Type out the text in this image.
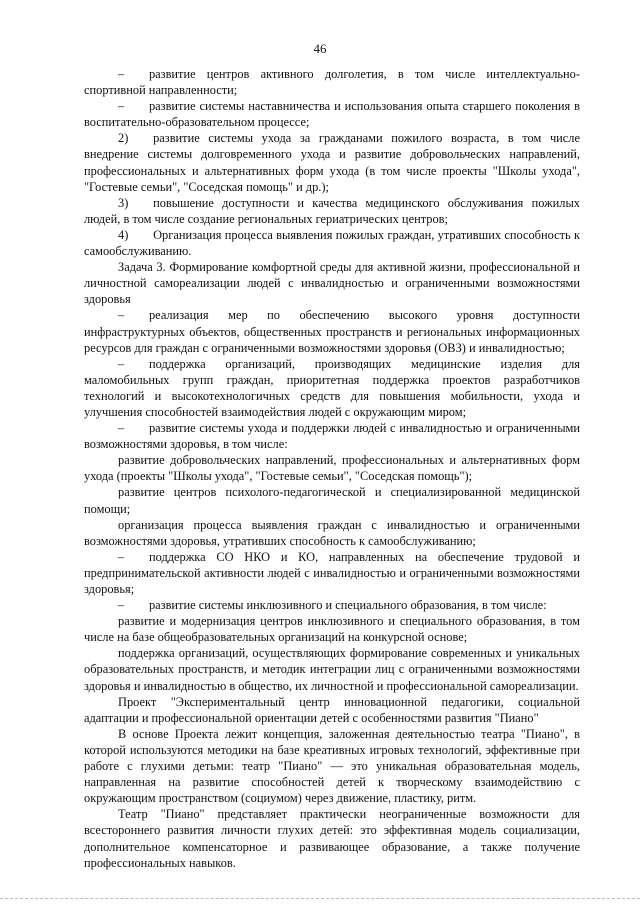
46

–  развитие центров активного долголетия, в том числе интеллектуально-спортивной направленности;

–  развитие системы наставничества и использования опыта старшего поколения в воспитательно-образовательном процессе;

2)  развитие системы ухода за гражданами пожилого возраста, в том числе внедрение системы долговременного ухода и развитие добровольческих направлений, профессиональных и альтернативных форм ухода (в том числе проекты "Школы ухода", "Гостевые семьи", "Соседская помощь" и др.);

3)  повышение доступности и качества медицинского обслуживания пожилых людей, в том числе создание региональных гериатрических центров;

4)  Организация процесса выявления пожилых граждан, утративших способность к самообслуживанию.

Задача 3. Формирование комфортной среды для активной жизни, профессиональной и личностной самореализации людей с инвалидностью и ограниченными возможностями здоровья

–  реализация мер по обеспечению высокого уровня доступности инфраструктурных объектов, общественных пространств и региональных информационных ресурсов для граждан с ограниченными возможностями здоровья (ОВЗ) и инвалидностью;

–  поддержка организаций, производящих медицинские изделия для маломобильных групп граждан, приоритетная поддержка проектов разработчиков технологий и высокотехнологичных средств для повышения мобильности, ухода и улучшения способностей взаимодействия людей с окружающим миром;

–  развитие системы ухода и поддержки людей с инвалидностью и ограниченными возможностями здоровья, в том числе:

развитие добровольческих направлений, профессиональных и альтернативных форм ухода (проекты "Школы ухода", "Гостевые семьи", "Соседская помощь");

развитие центров психолого-педагогической и специализированной медицинской помощи;

организация процесса выявления граждан с инвалидностью и ограниченными возможностями здоровья, утративших способность к самообслуживанию;

–  поддержка СО НКО и КО, направленных на обеспечение трудовой и предпринимательской активности людей с инвалидностью и ограниченными возможностями здоровья;

–  развитие системы инклюзивного и специального образования, в том числе:

развитие и модернизация центров инклюзивного и специального образования, в том числе на базе общеобразовательных организаций на конкурсной основе;

поддержка организаций, осуществляющих формирование современных и уникальных образовательных пространств, и методик интеграции лиц с ограниченными возможностями здоровья и инвалидностью в общество, их личностной и профессиональной самореализации.

Проект "Экспериментальный центр инновационной педагогики, социальной адаптации и профессиональной ориентации детей с особенностями развития "Пиано"

В основе Проекта лежит концепция, заложенная деятельностью театра "Пиано", в которой используются методики на базе креативных игровых технологий, эффективные при работе с глухими детьми: театр "Пиано" — это уникальная образовательная модель, направленная на развитие способностей детей к творческому взаимодействию с окружающим пространством (социумом) через движение, пластику, ритм.

Театр "Пиано" представляет практически неограниченные возможности для всестороннего развития личности глухих детей: это эффективная модель социализации, дополнительное компенсаторное и развивающее образование, а также получение профессиональных навыков.
